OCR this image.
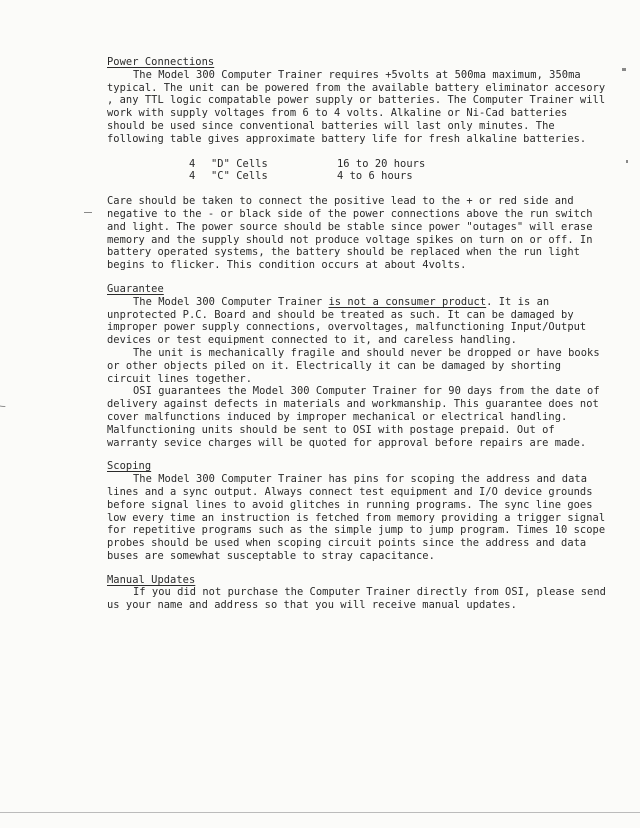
Power Connections

The Model 300 Computer Trainer requires +5volts at 500ma maximum, 350ma typical. The unit can be powered from the available battery eliminator accesory , any TTL logic compatable power supply or batteries. The Computer Trainer will work with supply voltages from 6 to 4 volts. Alkaline or Ni-Cad batteries should be used since conventional batteries will last only minutes. The following table gives approximate battery life for fresh alkaline batteries.

4	"D" Cells	16 to 20 hours
4	"C" Cells	4 to 6 hours

Care should be taken to connect the positive lead to the + or red side and negative to the - or black side of the power connections above the run switch and light. The power source should be stable since power "outages" will erase memory and the supply should not produce voltage spikes on turn on or off. In battery operated systems, the battery should be replaced when the run light begins to flicker. This condition occurs at about 4volts.

Guarantee

The Model 300 Computer Trainer is not a consumer product. It is an unprotected P.C. Board and should be treated as such. It can be damaged by improper power supply connections, overvoltages, malfunctioning Input/Output devices or test equipment connected to it, and careless handling.

The unit is mechanically fragile and should never be dropped or have books or other objects piled on it. Electrically it can be damaged by shorting circuit lines together.

OSI guarantees the Model 300 Computer Trainer for 90 days from the date of delivery against defects in materials and workmanship. This guarantee does not cover malfunctions induced by improper mechanical or electrical handling. Malfunctioning units should be sent to OSI with postage prepaid. Out of warranty sevice charges will be quoted for approval before repairs are made.

Scoping

The Model 300 Computer Trainer has pins for scoping the address and data lines and a sync output. Always connect test equipment and I/O device grounds before signal lines to avoid glitches in running programs. The sync line goes low every time an instruction is fetched from memory providing a trigger signal for repetitive programs such as the simple jump to jump program. Times 10 scope probes should be used when scoping circuit points since the address and data buses are somewhat susceptable to stray capacitance.

Manual Updates

If you did not purchase the Computer Trainer directly from OSI, please send us your name and address so that you will receive manual updates.
